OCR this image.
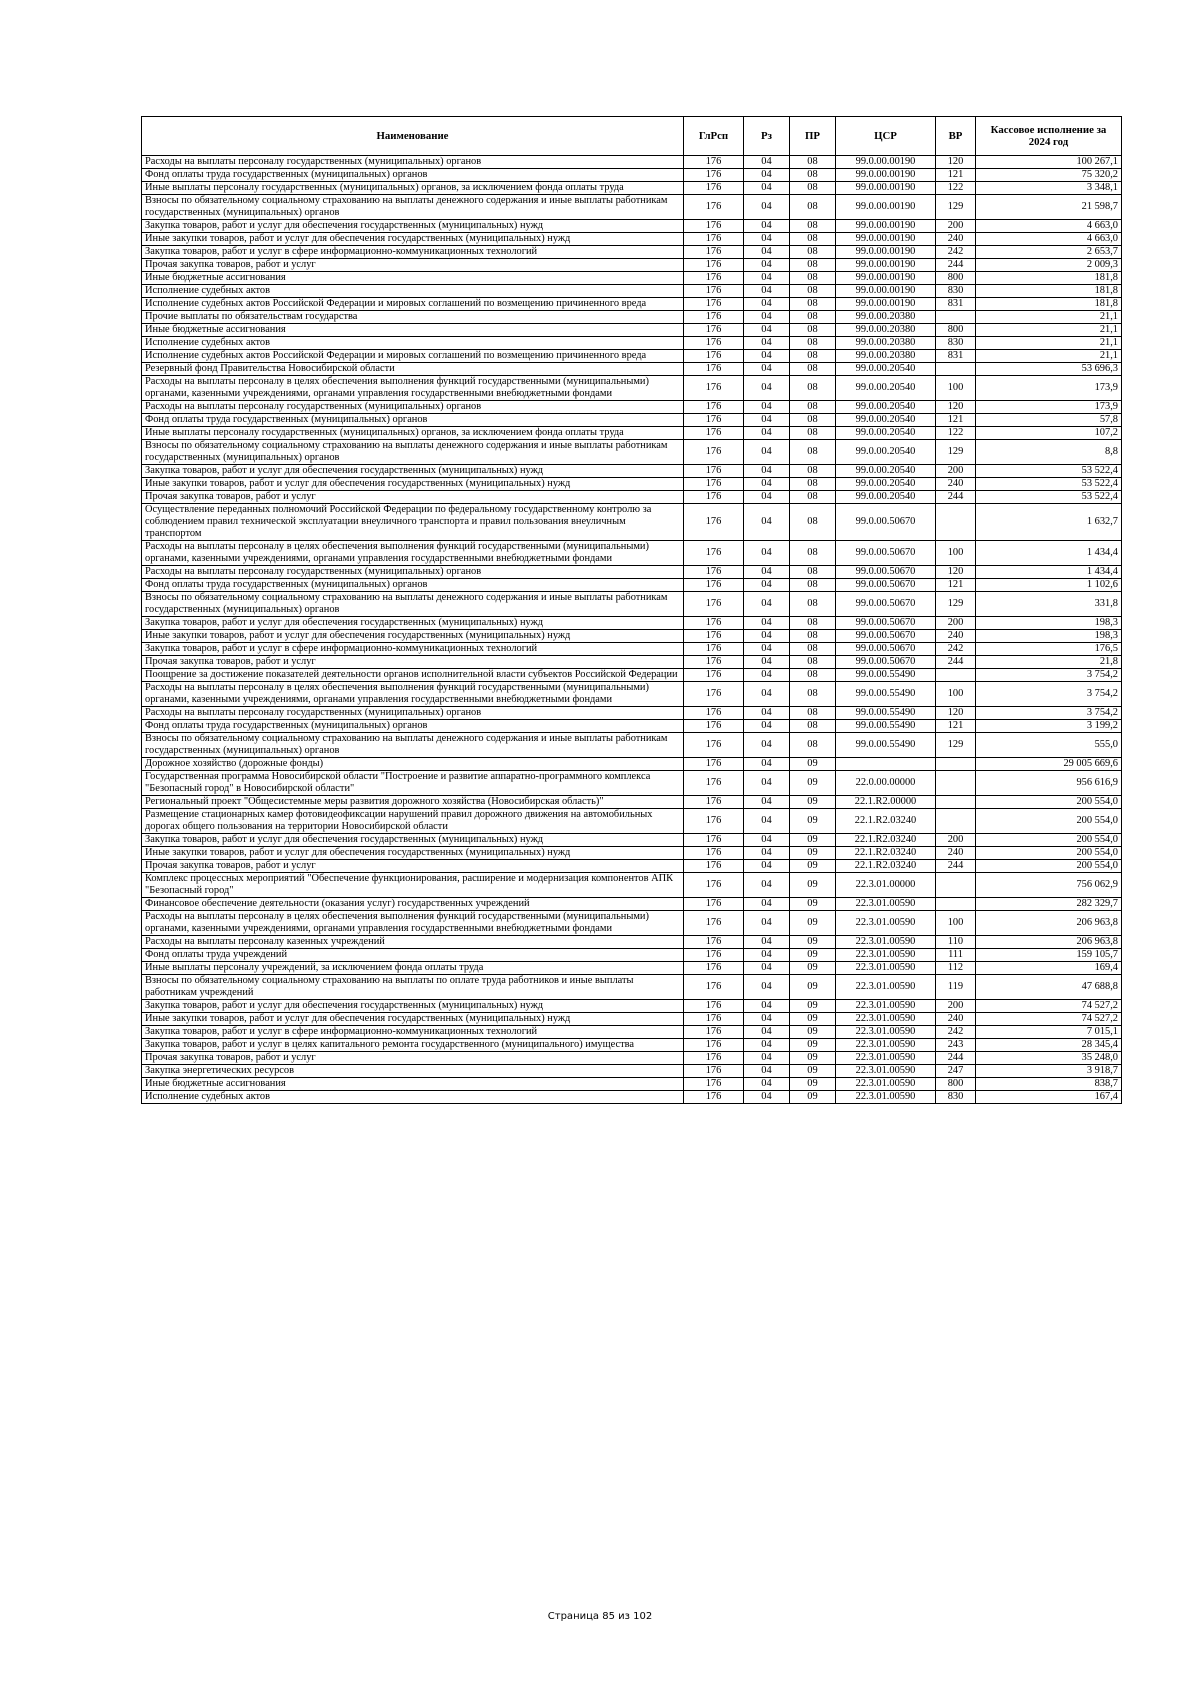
Наименование	ГлРсп	Рз	ПР	ЦСР	ВР	Кассовое исполнение за 2024 год
Расходы на выплаты персоналу государственных (муниципальных) органов	176	04	08	99.0.00.00190	120	100 267,1
Фонд оплаты труда государственных (муниципальных) органов	176	04	08	99.0.00.00190	121	75 320,2
Иные выплаты персоналу государственных (муниципальных) органов, за исключением фонда оплаты труда	176	04	08	99.0.00.00190	122	3 348,1
Взносы по обязательному социальному страхованию на выплаты денежного содержания и иные выплаты работникам государственных (муниципальных) органов	176	04	08	99.0.00.00190	129	21 598,7
Закупка товаров, работ и услуг для обеспечения государственных (муниципальных) нужд	176	04	08	99.0.00.00190	200	4 663,0
Иные закупки товаров, работ и услуг для обеспечения государственных (муниципальных) нужд	176	04	08	99.0.00.00190	240	4 663,0
Закупка товаров, работ и услуг в сфере информационно-коммуникационных технологий	176	04	08	99.0.00.00190	242	2 653,7
Прочая закупка товаров, работ и услуг	176	04	08	99.0.00.00190	244	2 009,3
Иные бюджетные ассигнования	176	04	08	99.0.00.00190	800	181,8
Исполнение судебных актов	176	04	08	99.0.00.00190	830	181,8
Исполнение судебных актов Российской Федерации и мировых соглашений по возмещению причиненного вреда	176	04	08	99.0.00.00190	831	181,8
Прочие выплаты по обязательствам государства	176	04	08	99.0.00.20380		21,1
Иные бюджетные ассигнования	176	04	08	99.0.00.20380	800	21,1
Исполнение судебных актов	176	04	08	99.0.00.20380	830	21,1
Исполнение судебных актов Российской Федерации и мировых соглашений по возмещению причиненного вреда	176	04	08	99.0.00.20380	831	21,1
Резервный фонд Правительства Новосибирской области	176	04	08	99.0.00.20540		53 696,3
Расходы на выплаты персоналу в целях обеспечения выполнения функций государственными (муниципальными) органами, казенными учреждениями, органами управления государственными внебюджетными фондами	176	04	08	99.0.00.20540	100	173,9
Расходы на выплаты персоналу государственных (муниципальных) органов	176	04	08	99.0.00.20540	120	173,9
Фонд оплаты труда государственных (муниципальных) органов	176	04	08	99.0.00.20540	121	57,8
Иные выплаты персоналу государственных (муниципальных) органов, за исключением фонда оплаты труда	176	04	08	99.0.00.20540	122	107,2
Взносы по обязательному социальному страхованию на выплаты денежного содержания и иные выплаты работникам государственных (муниципальных) органов	176	04	08	99.0.00.20540	129	8,8
Закупка товаров, работ и услуг для обеспечения государственных (муниципальных) нужд	176	04	08	99.0.00.20540	200	53 522,4
Иные закупки товаров, работ и услуг для обеспечения государственных (муниципальных) нужд	176	04	08	99.0.00.20540	240	53 522,4
Прочая закупка товаров, работ и услуг	176	04	08	99.0.00.20540	244	53 522,4
Осуществление переданных полномочий Российской Федерации по федеральному государственному контролю за соблюдением правил технической эксплуатации внеуличного транспорта и правил пользования внеуличным транспортом	176	04	08	99.0.00.50670		1 632,7
Расходы на выплаты персоналу в целях обеспечения выполнения функций государственными (муниципальными) органами, казенными учреждениями, органами управления государственными внебюджетными фондами	176	04	08	99.0.00.50670	100	1 434,4
Расходы на выплаты персоналу государственных (муниципальных) органов	176	04	08	99.0.00.50670	120	1 434,4
Фонд оплаты труда государственных (муниципальных) органов	176	04	08	99.0.00.50670	121	1 102,6
Взносы по обязательному социальному страхованию на выплаты денежного содержания и иные выплаты работникам государственных (муниципальных) органов	176	04	08	99.0.00.50670	129	331,8
Закупка товаров, работ и услуг для обеспечения государственных (муниципальных) нужд	176	04	08	99.0.00.50670	200	198,3
Иные закупки товаров, работ и услуг для обеспечения государственных (муниципальных) нужд	176	04	08	99.0.00.50670	240	198,3
Закупка товаров, работ и услуг в сфере информационно-коммуникационных технологий	176	04	08	99.0.00.50670	242	176,5
Прочая закупка товаров, работ и услуг	176	04	08	99.0.00.50670	244	21,8
Поощрение за достижение показателей деятельности органов исполнительной власти субъектов Российской Федерации	176	04	08	99.0.00.55490		3 754,2
Расходы на выплаты персоналу в целях обеспечения выполнения функций государственными (муниципальными) органами, казенными учреждениями, органами управления государственными внебюджетными фондами	176	04	08	99.0.00.55490	100	3 754,2
Расходы на выплаты персоналу государственных (муниципальных) органов	176	04	08	99.0.00.55490	120	3 754,2
Фонд оплаты труда государственных (муниципальных) органов	176	04	08	99.0.00.55490	121	3 199,2
Взносы по обязательному социальному страхованию на выплаты денежного содержания и иные выплаты работникам государственных (муниципальных) органов	176	04	08	99.0.00.55490	129	555,0
Дорожное хозяйство (дорожные фонды)	176	04	09			29 005 669,6
Государственная программа Новосибирской области "Построение и развитие аппаратно-программного комплекса "Безопасный город" в Новосибирской области"	176	04	09	22.0.00.00000		956 616,9
Региональный проект "Общесистемные меры развития дорожного хозяйства (Новосибирская область)"	176	04	09	22.1.R2.00000		200 554,0
Размещение стационарных камер фотовидеофиксации нарушений правил дорожного движения на автомобильных дорогах общего пользования на территории Новосибирской области	176	04	09	22.1.R2.03240		200 554,0
Закупка товаров, работ и услуг для обеспечения государственных (муниципальных) нужд	176	04	09	22.1.R2.03240	200	200 554,0
Иные закупки товаров, работ и услуг для обеспечения государственных (муниципальных) нужд	176	04	09	22.1.R2.03240	240	200 554,0
Прочая закупка товаров, работ и услуг	176	04	09	22.1.R2.03240	244	200 554,0
Комплекс процессных мероприятий "Обеспечение функционирования, расширение и модернизация компонентов АПК "Безопасный город"	176	04	09	22.3.01.00000		756 062,9
Финансовое обеспечение деятельности (оказания услуг) государственных учреждений	176	04	09	22.3.01.00590		282 329,7
Расходы на выплаты персоналу в целях обеспечения выполнения функций государственными (муниципальными) органами, казенными учреждениями, органами управления государственными внебюджетными фондами	176	04	09	22.3.01.00590	100	206 963,8
Расходы на выплаты персоналу казенных учреждений	176	04	09	22.3.01.00590	110	206 963,8
Фонд оплаты труда учреждений	176	04	09	22.3.01.00590	111	159 105,7
Иные выплаты персоналу учреждений, за исключением фонда оплаты труда	176	04	09	22.3.01.00590	112	169,4
Взносы по обязательному социальному страхованию на выплаты по оплате труда работников и иные выплаты работникам учреждений	176	04	09	22.3.01.00590	119	47 688,8
Закупка товаров, работ и услуг для обеспечения государственных (муниципальных) нужд	176	04	09	22.3.01.00590	200	74 527,2
Иные закупки товаров, работ и услуг для обеспечения государственных (муниципальных) нужд	176	04	09	22.3.01.00590	240	74 527,2
Закупка товаров, работ и услуг в сфере информационно-коммуникационных технологий	176	04	09	22.3.01.00590	242	7 015,1
Закупка товаров, работ и услуг в целях капитального ремонта государственного (муниципального) имущества	176	04	09	22.3.01.00590	243	28 345,4
Прочая закупка товаров, работ и услуг	176	04	09	22.3.01.00590	244	35 248,0
Закупка энергетических ресурсов	176	04	09	22.3.01.00590	247	3 918,7
Иные бюджетные ассигнования	176	04	09	22.3.01.00590	800	838,7
Исполнение судебных актов	176	04	09	22.3.01.00590	830	167,4
Страница 85 из 102
